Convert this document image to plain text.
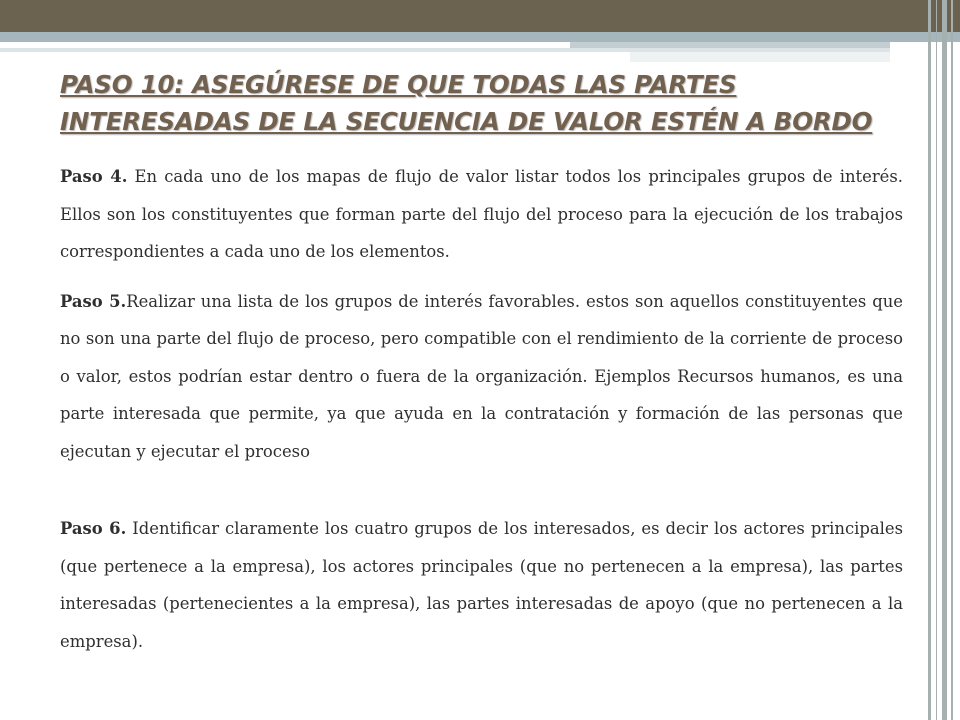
PASO 10: ASEGÚRESE DE QUE TODAS LAS PARTES INTERESADAS DE LA SECUENCIA DE VALOR ESTÉN A BORDO

Paso 4. En cada uno de los mapas de flujo de valor listar todos los principales grupos de interés. Ellos son los constituyentes que forman parte del flujo del proceso para la ejecución de los trabajos correspondientes a cada uno de los elementos.

Paso 5.Realizar una lista de los grupos de interés favorables. estos son aquellos constituyentes que no son una parte del flujo de proceso, pero compatible con el rendimiento de la corriente de proceso o valor, estos podrían estar dentro o fuera de la organización. Ejemplos Recursos humanos, es una parte interesada que permite, ya que ayuda en la contratación y formación de las personas que ejecutan y ejecutar el proceso

Paso 6. Identificar claramente los cuatro grupos de los interesados, es decir los actores principales (que pertenece a la empresa), los actores principales (que no pertenecen a la empresa), las partes interesadas (pertenecientes a la empresa), las partes interesadas de apoyo (que no pertenecen a la empresa).
